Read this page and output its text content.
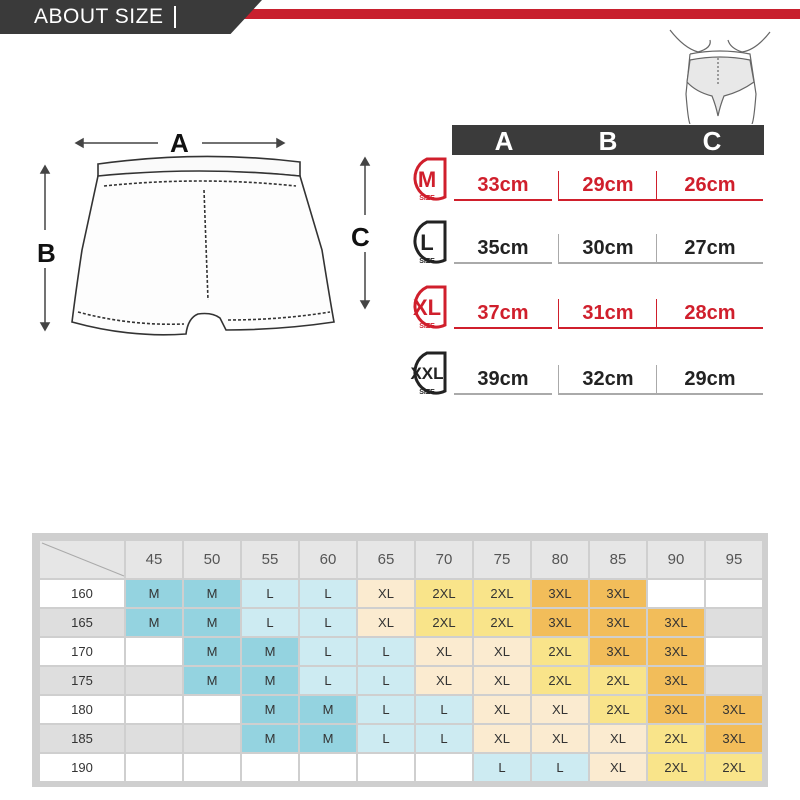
ABOUT SIZE
A
B
C
A	B	C
M
SIZE
33cm	29cm	26cm
L
SIZE
35cm	30cm	27cm
XL
SIZE
37cm	31cm	28cm
XXL
SIZE
39cm	32cm	29cm
	45	50	55	60	65	70	75	80	85	90	95
160	M	M	L	L	XL	2XL	2XL	3XL	3XL		
165	M	M	L	L	XL	2XL	2XL	3XL	3XL	3XL	
170		M	M	L	L	XL	XL	2XL	3XL	3XL	
175		M	M	L	L	XL	XL	2XL	2XL	3XL	
180			M	M	L	L	XL	XL	2XL	3XL	3XL
185			M	M	L	L	XL	XL	XL	2XL	3XL
190							L	L	XL	2XL	2XL
